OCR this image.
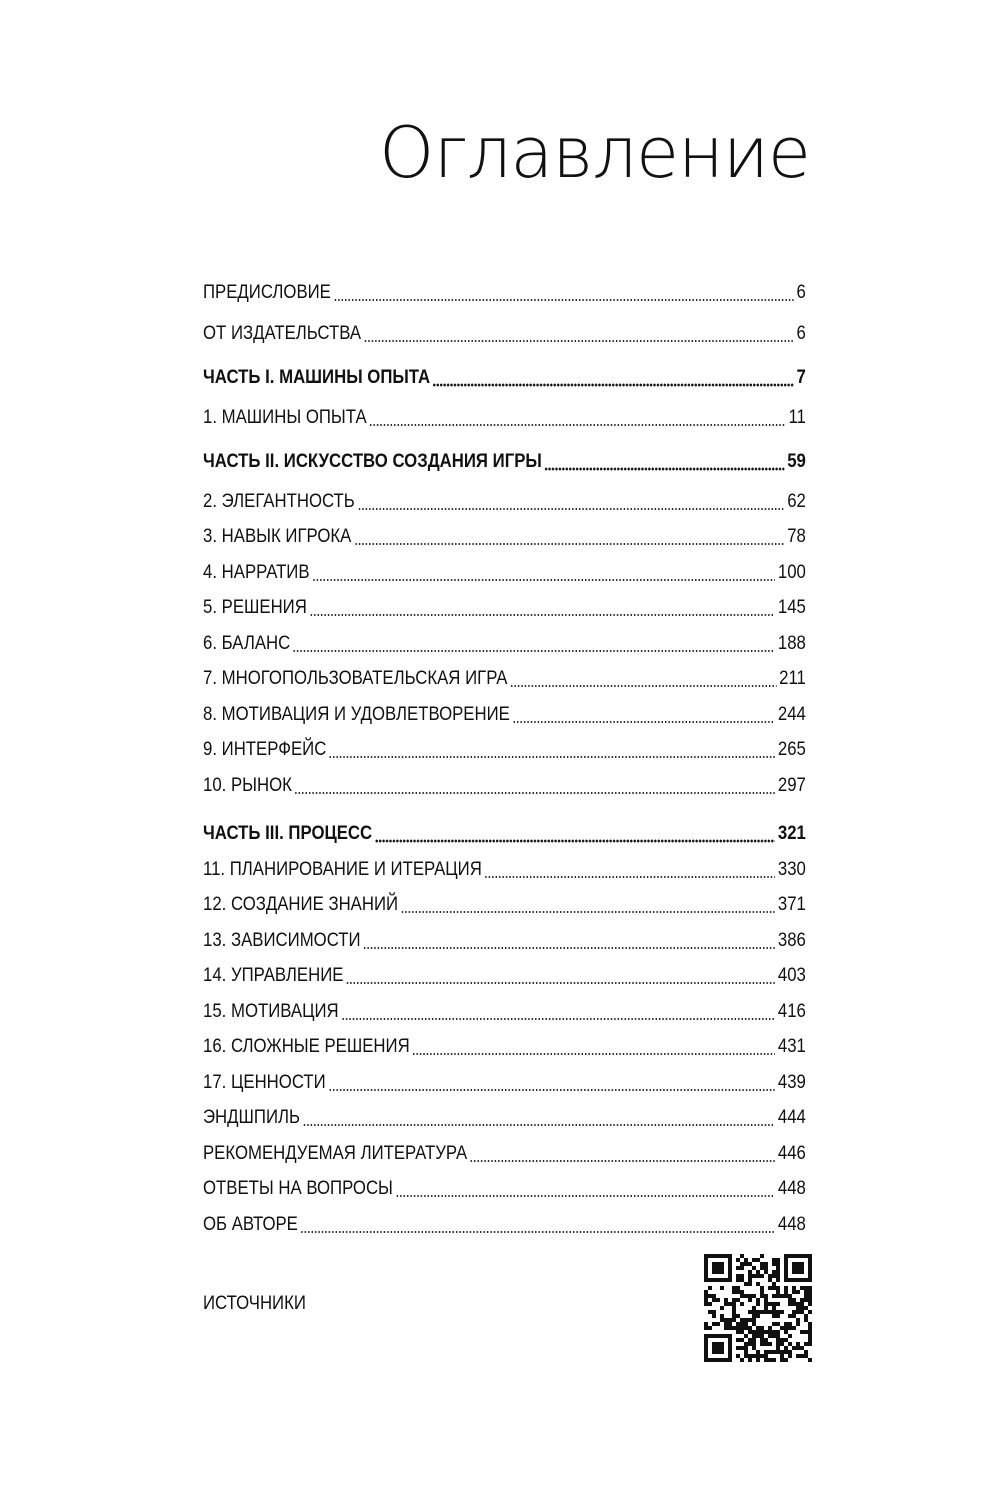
Оглавление
ПРЕДИСЛОВИЕ	6
ОТ ИЗДАТЕЛЬСТВА	6
ЧАСТЬ I. МАШИНЫ ОПЫТА	7
1. МАШИНЫ ОПЫТА	11
ЧАСТЬ II. ИСКУССТВО СОЗДАНИЯ ИГРЫ	59
2. ЭЛЕГАНТНОСТЬ	62
3. НАВЫК ИГРОКА	78
4. НАРРАТИВ	100
5. РЕШЕНИЯ	145
6. БАЛАНС	188
7. МНОГОПОЛЬЗОВАТЕЛЬСКАЯ ИГРА	211
8. МОТИВАЦИЯ И УДОВЛЕТВОРЕНИЕ	244
9. ИНТЕРФЕЙС	265
10. РЫНОК	297
ЧАСТЬ III. ПРОЦЕСС	321
11. ПЛАНИРОВАНИЕ И ИТЕРАЦИЯ	330
12. СОЗДАНИЕ ЗНАНИЙ	371
13. ЗАВИСИМОСТИ	386
14. УПРАВЛЕНИЕ	403
15. МОТИВАЦИЯ	416
16. СЛОЖНЫЕ РЕШЕНИЯ	431
17. ЦЕННОСТИ	439
ЭНДШПИЛЬ	444
РЕКОМЕНДУЕМАЯ ЛИТЕРАТУРА	446
ОТВЕТЫ НА ВОПРОСЫ	448
ОБ АВТОРЕ	448
ИСТОЧНИКИ
